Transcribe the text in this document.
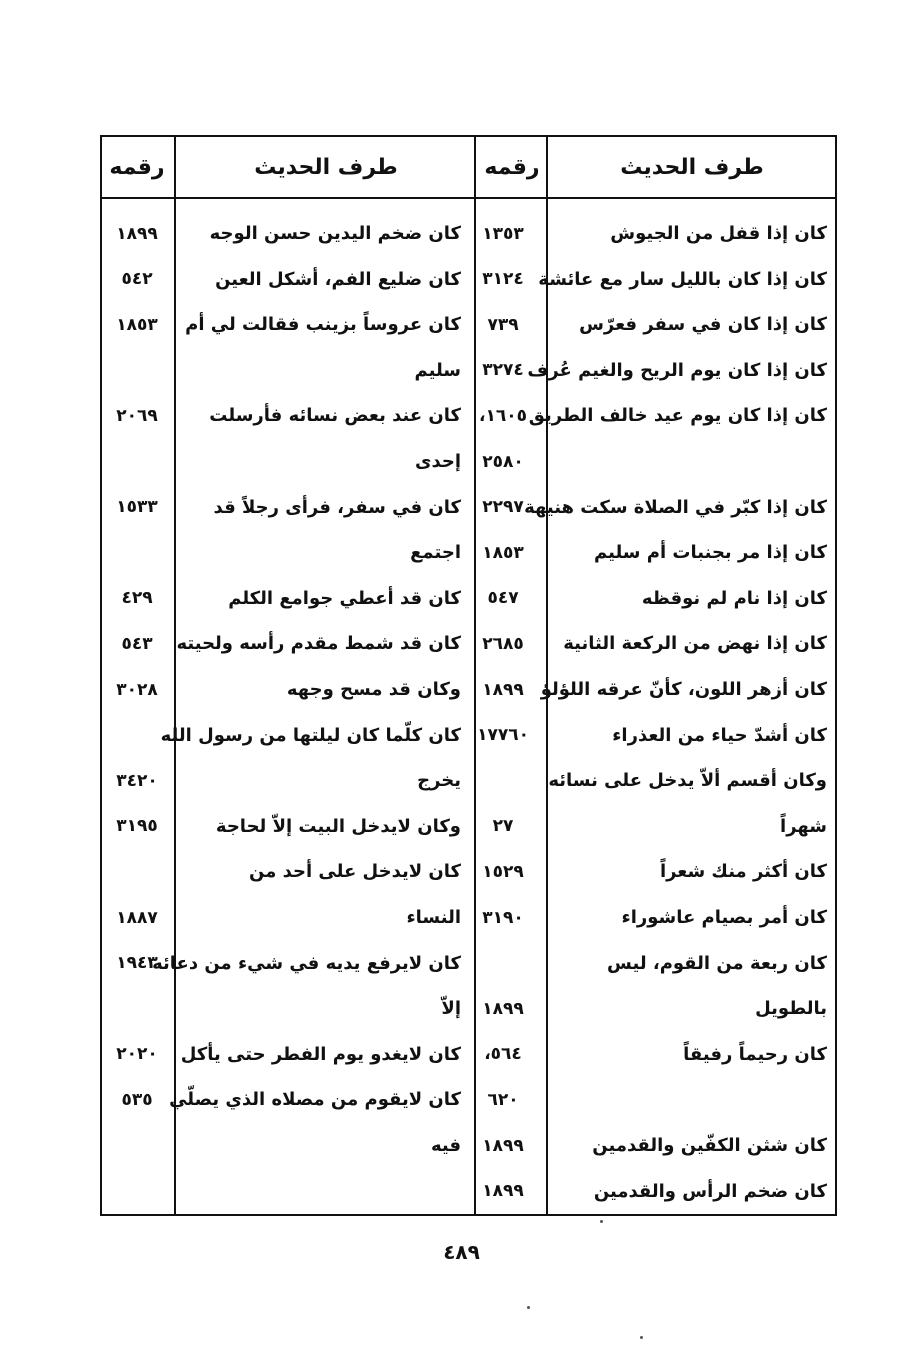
طرف الحديث
رقمه
طرف الحديث
رقمه
كان إذا قفل من الجيوش
١٣٥٣
كان ضخم اليدين حسن الوجه
١٨٩٩
كان إذا كان بالليل سار مع عائشة
٣١٢٤
كان ضليع الفم، أشكل العين
٥٤٢
كان إذا كان في سفر فعرّس
٧٣٩
كان عروساً بزينب فقالت لي أم
١٨٥٣
كان إذا كان يوم الريح والغيم عُرف
٣٢٧٤
سليم
كان إذا كان يوم عيد خالف الطريق
١٦٠٥،
كان عند بعض نسائه فأرسلت
٢٠٦٩
٢٥٨٠
إحدى
كان إذا كبّر في الصلاة سكت هنيهة
٢٢٩٧
كان في سفر، فرأى رجلاً قد
١٥٣٣
كان إذا مر بجنبات أم سليم
١٨٥٣
اجتمع
كان إذا نام لم نوقظه
٥٤٧
كان قد أعطي جوامع الكلم
٤٢٩
كان إذا نهض من الركعة الثانية
٢٦٨٥
كان قد شمط مقدم رأسه ولحيته
٥٤٣
كان أزهر اللون، كأنّ عرقه اللؤلؤ
١٨٩٩
وكان قد مسح وجهه
٣٠٢٨
كان أشدّ حياء من العذراء
١٧٧٦٠
كان كلّما كان ليلتها من رسول الله
وكان أقسم ألاّ يدخل على نسائه
يخرج
٣٤٢٠
شهراً
٢٧
وكان لايدخل البيت إلاّ لحاجة
٣١٩٥
كان أكثر منك شعراً
١٥٢٩
كان لايدخل على أحد من
كان أمر بصيام عاشوراء
٣١٩٠
النساء
١٨٨٧
كان ربعة من القوم، ليس
كان لايرفع يديه في شيء من دعائه
١٩٤٣
بالطويل
١٨٩٩
إلاّ
كان رحيماً رفيقاً
٥٦٤،
كان لايغدو يوم الفطر حتى يأكل
٢٠٢٠
٦٢٠
كان لايقوم من مصلاه الذي يصلّي
٥٣٥
كان شثن الكفّين والقدمين
١٨٩٩
فيه
كان ضخم الرأس والقدمين
١٨٩٩
٤٨٩
